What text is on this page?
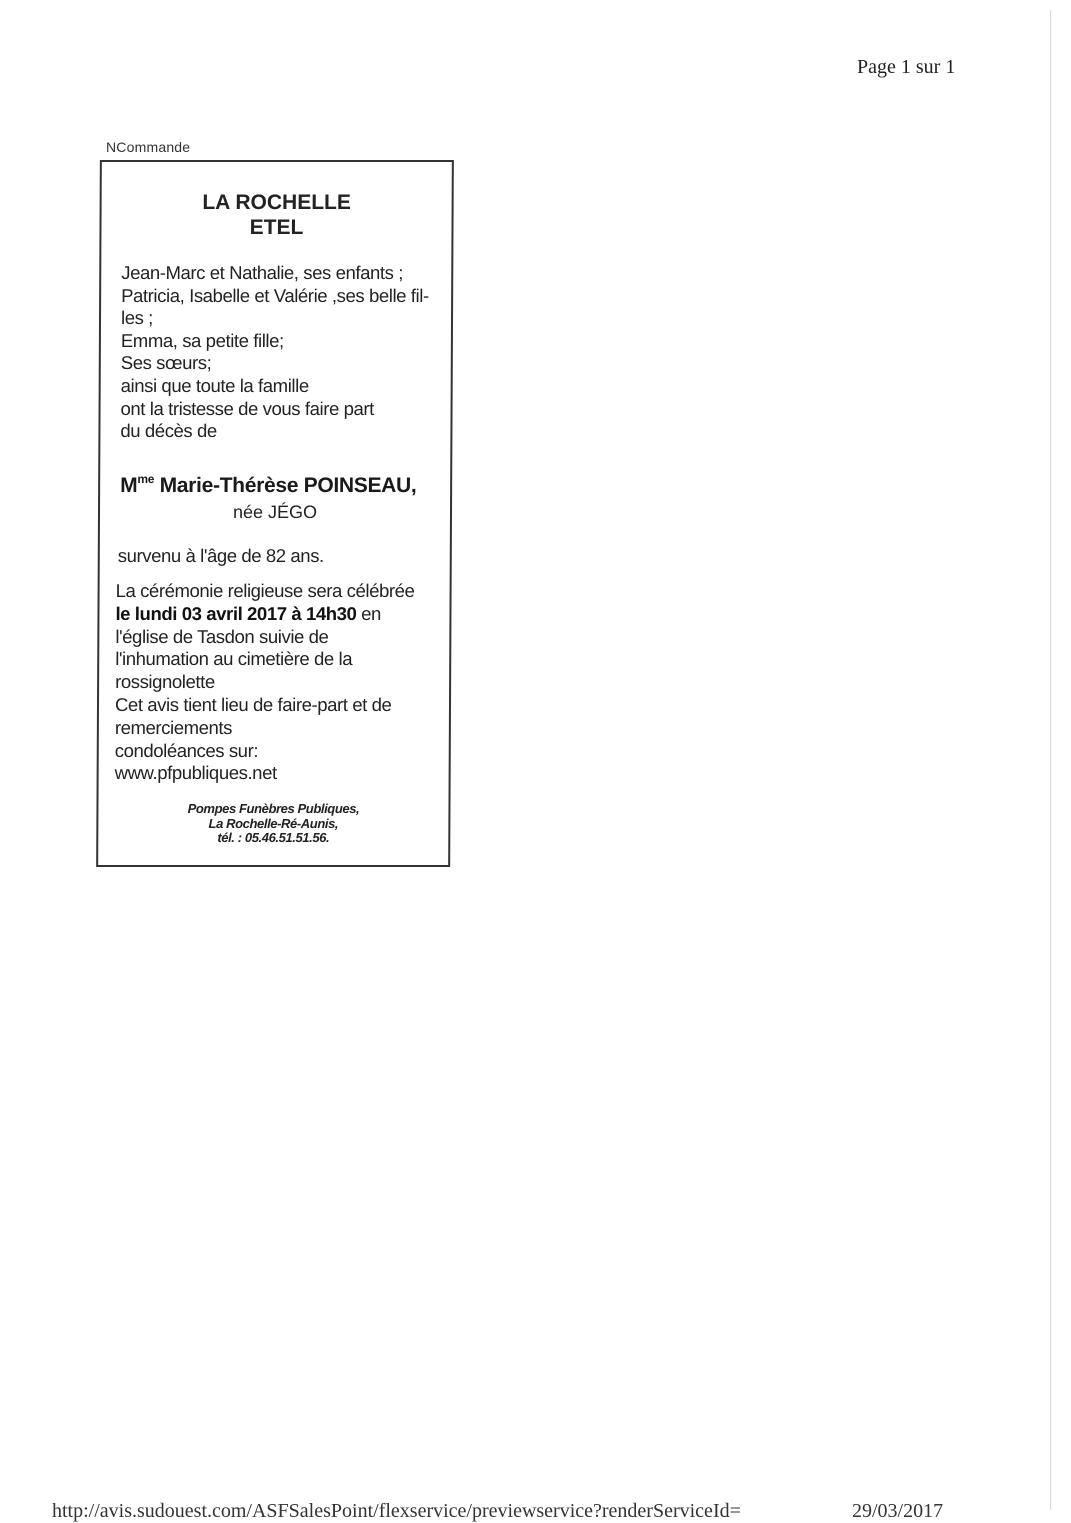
Page 1 sur 1
NCommande
LA ROCHELLE
ETEL
Jean-Marc et Nathalie, ses enfants ;
Patricia, Isabelle et Valérie ,ses belle fil-
les ;
Emma, sa petite fille;
Ses sœurs;
ainsi que toute la famille
ont la tristesse de vous faire part
du décès de
$M^{me}$ Marie-Thérèse POINSEAU,
née JÉGO
survenu à l'âge de 82 ans.
La cérémonie religieuse sera célébrée
le lundi 03 avril 2017 à 14h30 en
l'église de Tasdon suivie de
l'inhumation au cimetière de la
rossignolette
Cet avis tient lieu de faire-part et de
remerciements
condoléances sur:
www.pfpubliques.net
Pompes Funèbres Publiques,
La Rochelle-Ré-Aunis,
tél. : 05.46.51.51.56.
http://avis.sudouest.com/ASFSalesPoint/flexservice/previewservice?renderServiceId=	29/03/2017
